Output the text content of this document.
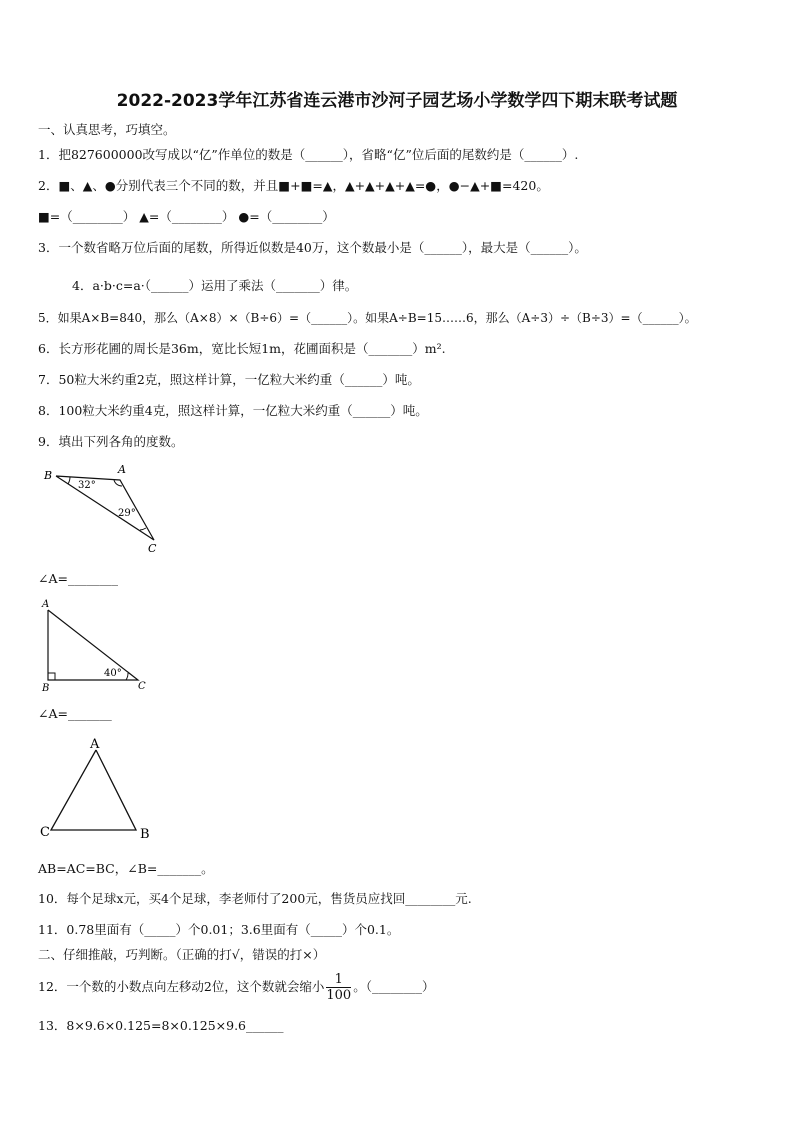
2022-2023学年江苏省连云港市沙河子园艺场小学数学四下期末联考试题
一、认真思考，巧填空。
1．把827600000改写成以“亿”作单位的数是（______），省略“亿”位后面的尾数约是（______）.
2．■、▲、●分别代表三个不同的数，并且■+■=▲，▲+▲+▲+▲=●，●−▲+■=420。
■=（________） ▲=（________） ●=（________）
3．一个数省略万位后面的尾数，所得近似数是40万，这个数最小是（______），最大是（______）。
4．a·b·c=a·（______）运用了乘法（_______）律。
5．如果A×B=840，那么（A×8）×（B÷6）=（______）。如果A÷B=15……6，那么（A÷3）÷（B÷3）=（______）。
6．长方形花圃的周长是36m，宽比长短1m，花圃面积是（_______）m².
7．50粒大米约重2克，照这样计算，一亿粒大米约重（______）吨。
8．100粒大米约重4克，照这样计算，一亿粒大米约重（______）吨。
9．填出下列各角的度数。
B	A
C
32°
29°
∠A=________
A
B	C
40°
∠A=_______
A
C	B
AB=AC=BC，∠B=_______。
10．每个足球x元，买4个足球，李老师付了200元，售货员应找回________元.
11．0.78里面有（_____）个0.01；3.6里面有（_____）个0.1。
二、仔细推敲，巧判断。（正确的打√，错误的打×）
12．一个数的小数点向左移动2位，这个数就会缩小 $\frac{1}{100}$ 。（________）
13．8×9.6×0.125=8×0.125×9.6______
